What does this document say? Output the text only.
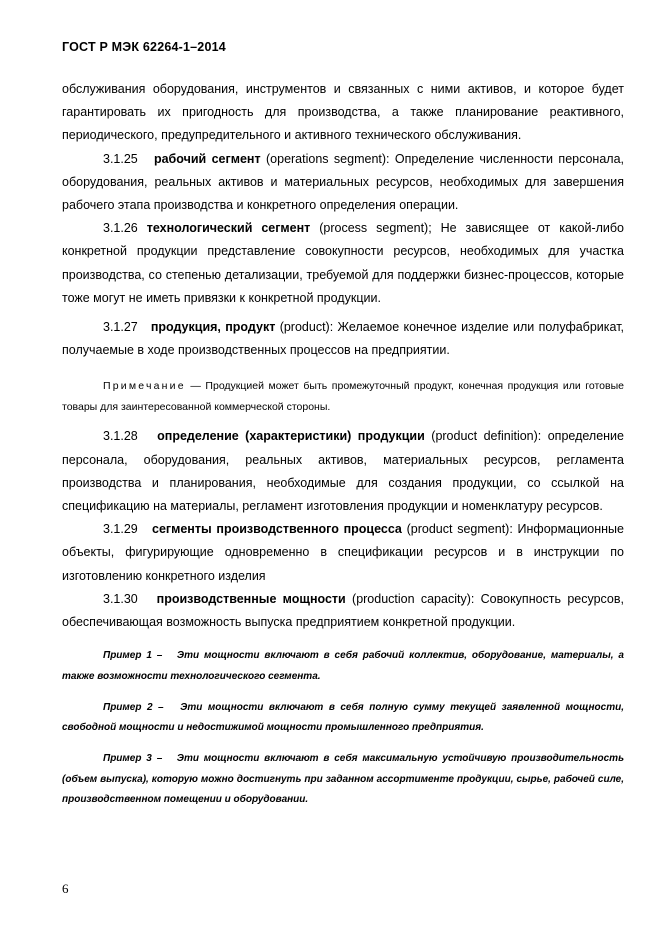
ГОСТ Р МЭК 62264-1–2014

обслуживания оборудования, инструментов и связанных с ними активов, и которое будет гарантировать их пригодность для производства, а также планирование реактивного, периодического, предупредительного и активного технического обслуживания.

3.1.25 рабочий сегмент (operations segment): Определение численности персонала, оборудования, реальных активов и материальных ресурсов, необходимых для завершения рабочего этапа производства и конкретного определения операции.

3.1.26 технологический сегмент (process segment); Не зависящее от какой-либо конкретной продукции представление совокупности ресурсов, необходимых для участка производства, со степенью детализации, требуемой для поддержки бизнес-процессов, которые тоже могут не иметь привязки к конкретной продукции.

3.1.27 продукция, продукт (product): Желаемое конечное изделие или полуфабрикат, получаемые в ходе производственных процессов на предприятии.

Примечание — Продукцией может быть промежуточный продукт, конечная продукция или готовые товары для заинтересованной коммерческой стороны.

3.1.28 определение (характеристики) продукции (product definition): определение персонала, оборудования, реальных активов, материальных ресурсов, регламента производства и планирования, необходимые для создания продукции, со ссылкой на спецификацию на материалы, регламент изготовления продукции и номенклатуру ресурсов.

3.1.29 сегменты производственного процесса (product segment): Информационные объекты, фигурирующие одновременно в спецификации ресурсов и в инструкции по изготовлению конкретного изделия

3.1.30 производственные мощности (production capacity): Совокупность ресурсов, обеспечивающая возможность выпуска предприятием конкретной продукции.

Пример 1 – Эти мощности включают в себя рабочий коллектив, оборудование, материалы, а также возможности технологического сегмента.

Пример 2 – Эти мощности включают в себя полную сумму текущей заявленной мощности, свободной мощности и недостижимой мощности промышленного предприятия.

Пример 3 – Эти мощности включают в себя максимальную устойчивую производительность (объем выпуска), которую можно достигнуть при заданном ассортименте продукции, сырье, рабочей силе, производственном помещении и оборудовании.

6
